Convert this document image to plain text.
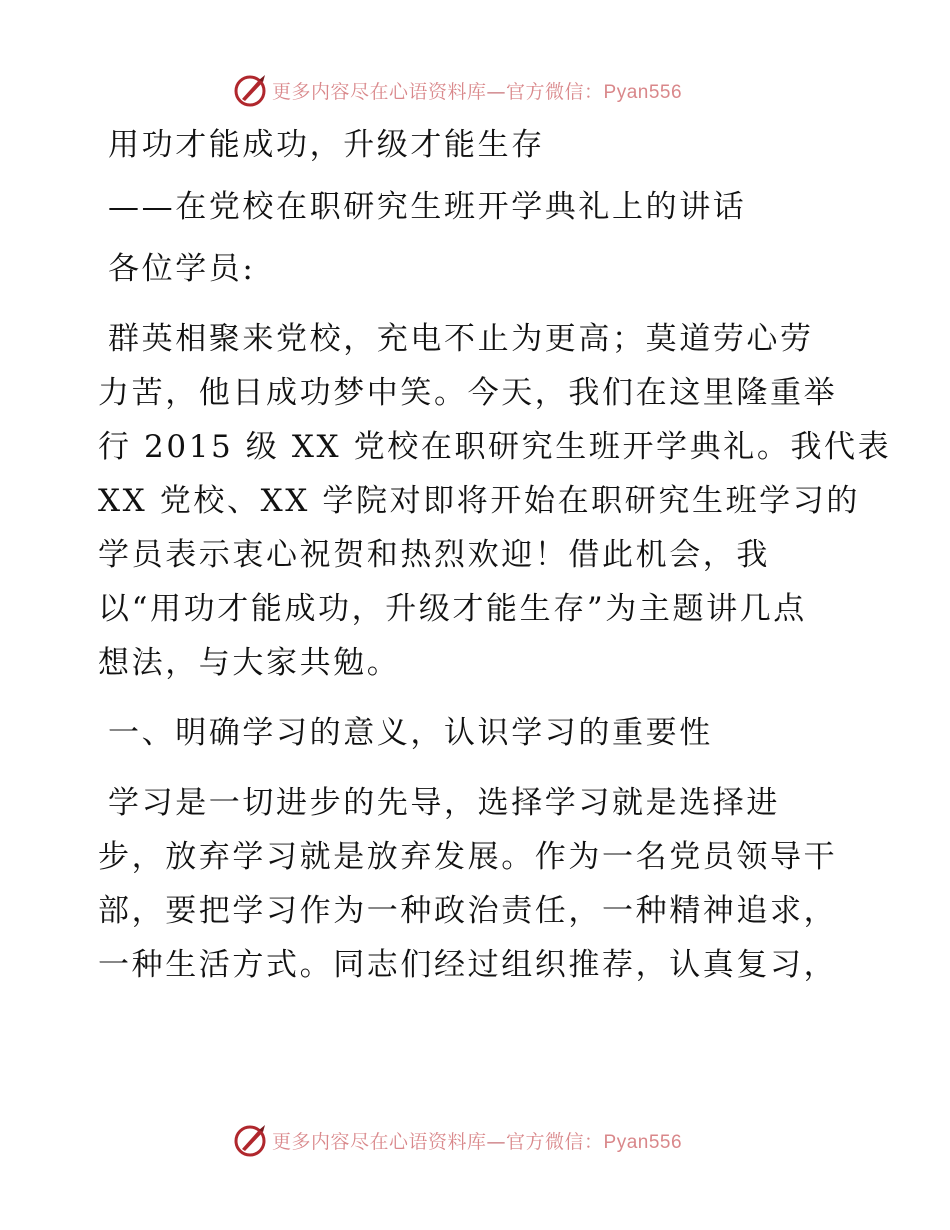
更多内容尽在心语资料库—官方微信：Pyan556

用功才能成功，升级才能生存

——在党校在职研究生班开学典礼上的讲话

各位学员:

群英相聚来党校，充电不止为更高；莫道劳心劳

力苦，他日成功梦中笑。今天，我们在这里隆重举

行 2015 级 XX 党校在职研究生班开学典礼。我代表

XX 党校、XX 学院对即将开始在职研究生班学习的

学员表示衷心祝贺和热烈欢迎！借此机会，我

以“用功才能成功，升级才能生存”为主题讲几点

想法，与大家共勉。

一、明确学习的意义，认识学习的重要性

学习是一切进步的先导，选择学习就是选择进

步，放弃学习就是放弃发展。作为一名党员领导干

部，要把学习作为一种政治责任，一种精神追求，

一种生活方式。同志们经过组织推荐，认真复习，

更多内容尽在心语资料库—官方微信：Pyan556
